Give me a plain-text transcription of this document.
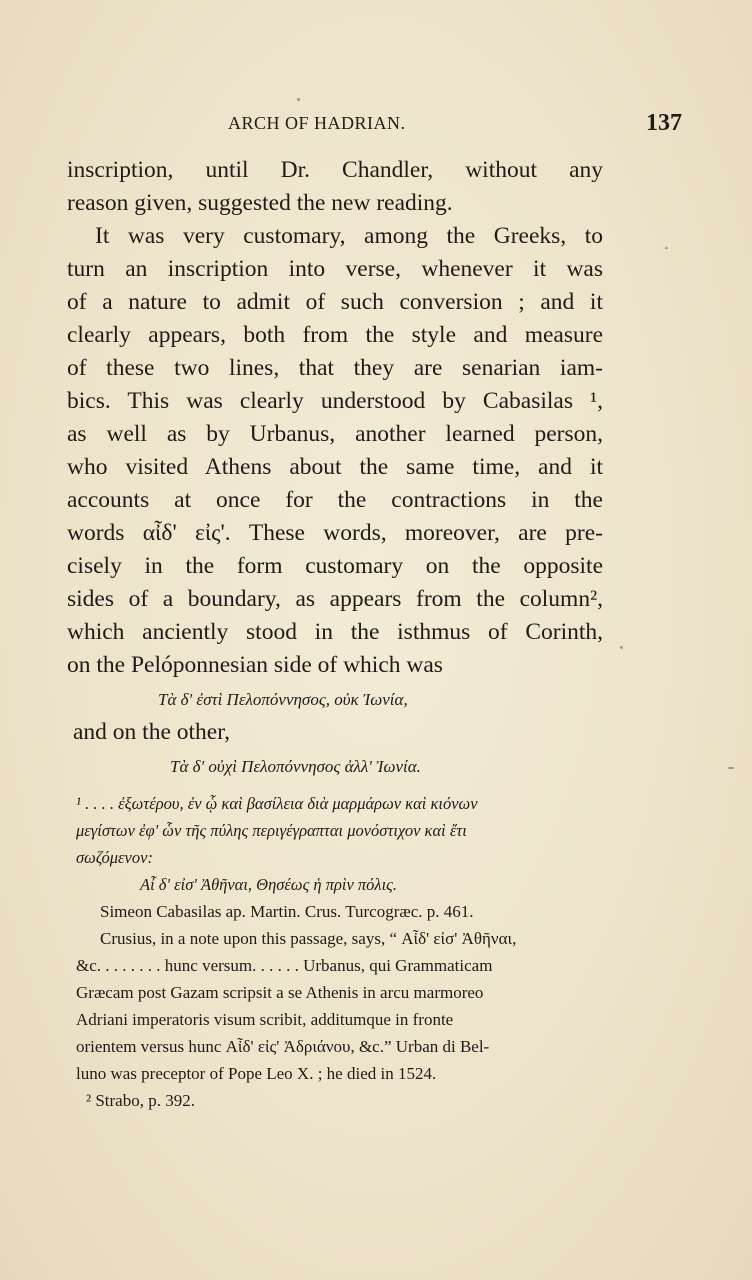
ARCH OF HADRIAN.	137
inscription, until Dr. Chandler, without any
reason given, suggested the new reading.
It was very customary, among the Greeks, to
turn an inscription into verse, whenever it was
of a nature to admit of such conversion ; and it
clearly appears, both from the style and measure
of these two lines, that they are senarian iam-
bics. This was clearly understood by Cabasilas ¹,
as well as by Urbanus, another learned person,
who visited Athens about the same time, and it
accounts at once for the contractions in the
words αἶδ' εἰς'. These words, moreover, are pre-
cisely in the form customary on the opposite
sides of a boundary, as appears from the column²,
which anciently stood in the isthmus of Corinth,
on the Pelóponnesian side of which was
Τὰ δ' ἐστὶ Πελοπόννησος, οὐκ Ἰωνία,
and on the other,
Τὰ δ' οὐχὶ Πελοπόννησος ἀλλ' Ἰωνία.
¹ . . . . ἐξωτέρου, ἐν ᾧ καὶ βασίλεια διὰ μαρμάρων καὶ κιόνων
μεγίστων ἐφ' ὧν τῆς πύλης περιγέγραπται μονόστιχον καὶ ἔτι
σωζόμενον:
Αἶ δ' εἰσ' Ἀθῆναι, Θησέως ἡ πρὶν πόλις.
Simeon Cabasilas ap. Martin. Crus. Turcogræc. p. 461.
Crusius, in a note upon this passage, says, “ Αἶδ' εἰσ' Ἀθῆναι,
&c. . . . . . . . hunc versum. . . . . . Urbanus, qui Grammaticam
Græcam post Gazam scripsit a se Athenis in arcu marmoreo
Adriani imperatoris visum scribit, additumque in fronte
orientem versus hunc Αἶδ' εἰς' Ἀδριάνου, &c.” Urban di Bel-
luno was preceptor of Pope Leo X. ; he died in 1524.
² Strabo, p. 392.
